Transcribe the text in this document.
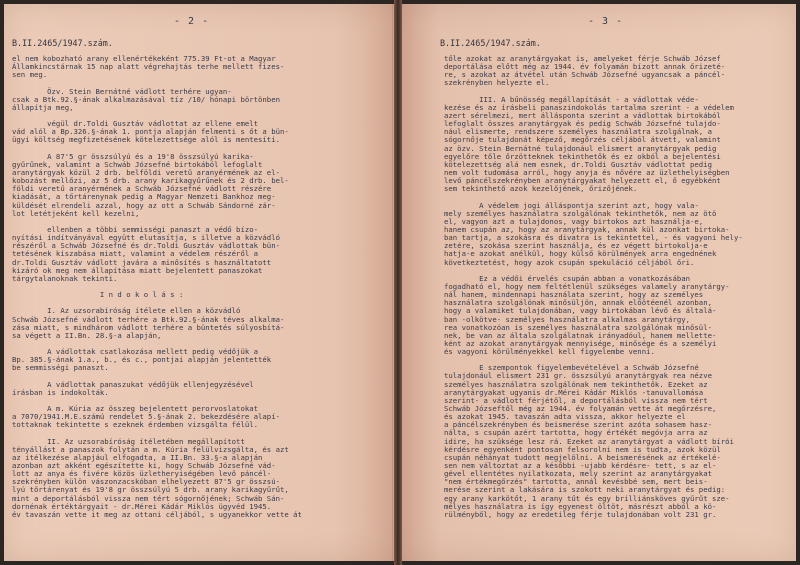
- 2 -
B.II.2465/1947.szám.
el nem kobozható arany ellenértékeként 775.39 Ft-ot a Magyar
Államkincstárnak 15 nap alatt végrehajtás terhe mellett fizes-
sen meg.
Özv. Stein Bernátné vádlott terhére ugyan-
csak a Btk.92.§-ának alkalmazásával tíz /10/ hónapi börtönben
állapítja meg,
végül dr.Toldi Gusztáv vádlottat az ellene emelt
vád alól a Bp.326.§-ának 1. pontja alapján felmenti s őt a bün-
ügyi költség megfizetésének kötelezettsége alól is mentesíti.
A 87'5 gr összsúlyú és a 19'8 összsúlyú karika-
gyűrűnek, valamint a Schwáb Józsefné birtokából lefoglalt
aranytárgyak közül 2 drb. belföldi veretű aranyérmének az el-
kobozást mellőzi, az 5 drb. arany karikagyűrűnek és 2 drb. bel-
földi veretű aranyérmének a Schwáb Józsefné vádlott részére
kiadását, a tőrtárenynak pedig a Magyar Nemzeti Bankhoz meg-
küldését elrendeli azzal, hogy az ott a Schwáb Sándorné zár-
lot letétjeként kell kezelni,
ellenben a többi semmisségi panaszt a védő bízo-
nyítási indítványával együtt elutasítja, s illetve a közvádló
részéről a Schwáb Józsefné és dr.Toldi Gusztáv vádlottak bün-
tetésének kiszabása miatt, valamint a védelem részéről a
dr.Toldi Gusztáv vádlott javára a minősítés s használtatott
kizáró ok meg nem állapítása miatt bejelentett panaszokat
tárgytalanoknak tekinti.
I n d o k o l á s :
I. Az uzsorabíróság ítélete ellen a közvádló
Schwáb Józsefné vádlott terhére a Btk.92.§-ának téves alkalma-
zása miatt, s mindhárom vádlott terhére a büntetés súlyosbítá-
sa végett a II.Bn. 28.§-a alapján,
A vádlottak csatlakozása mellett pedig védőjük a
Bp. 385.§-ának 1.a., b., és c., pontjai alapján jelentették
be semmisségi panaszt.
A vádlottak panaszukat védőjük ellenjegyzésével
írásban is indokolták.
A m. Kúria az összeg bejelentett perorvoslatokat
a 7070/1941.M.E.számú rendelet 5.§-ának 2. bekezdésére alapí-
tottaknak tekintette s ezeknek érdemben vizsgálta félül.
II. Az uzsorabíróság ítéletében megállapított
tényállást a panaszok folytán a m. Kúria felülvizsgálta, és azt
az itélkezése alapjául elfogadta, a II.Bn. 33.§-a alapján
azonban azt akként egészítette ki, hogy Schwáb Józsefné vád-
lott az anya és fivére közös üzletheryiségében levő páncél-
szekrényben külön vászonzacskóban elhelyezett 87'5 gr összsú-
lyú tőrtárenyat és 19'8 gr összsúlyú 5 drb. arany karikagyűrűt,
mint a deportálásból vissza nem tért sógornőjének; Schwáb Sán-
dornénak értéktárgyait - dr.Mérei Kádár Miklós ügyvéd 1945.
év tavaszán vette it meg az ottani céljából, s ugyanekkor vette át
- 3 -
B.II.2465/1947.szám.
tőle azokat az aranytárgyakat is, amelyeket férje Schwáb József
deportálása előtt még az 1944. év folyamán bízott annak őrizeté-
re, s azokat az átvétel után Schwáb Józsefné ugyancsak a páncél-
szekrényben helyezte el.
III. A bűnösség megállapítását - a vádlottak véde-
kezése és az írásbeli panaszindokolás tartalma szerint - a védelem
azert sérelmezi, mert állásponta szerint a vádlottak birtokából
lefoglalt összes aranytárgyak és pedig Schwáb Józsefné tulajdo-
nául elismerte, rendszere személyes használatra szolgálnak, a
sógornője tulajdonát képező, megőrzés céljából átvett, valamint
az özv. Stein Bernátné tulajdonául elismert aranytárgyak pedig
egyelőre tőle őrzötteknek tekinthetők és ez okból a bejelentési
kötelezettség alá nem esnek, dr.Toldi Gusztáv vádlottat pedig
nem volt tudomása arról, hogy anyja és nővére az üzlethelyiségben
levő páncélszekrényben aranytárgyakat helyezett el, ő egyébként
sem tekinthető azok kezelőjének, őrizőjének.
A védelem jogi álláspontja szerint azt, hogy vala-
mely személyes használatra szolgálónak tekinthetők, nem az ötö
el, vagyon azt a tulajdonos, vagy birtokos azt használja-e,
hanem csupán az, hogy az aranytárgyak, annak kül azonkat birtoka-
ban tartja, a szokásra és divatra is tekintettel, - és vagyoni hely-
zetére, szokása szerint használja, és ez végett birtokolja-e
hatja-e azokat anélkül, hogy külső körülmények arra engednének
következtetést, hogy azok csupán spekuláció céljából őri.
Ez a védői érvelés csupán abban a vonatkozásában
fogadható el, hogy nem feltétlenül szükséges valamely aranytárgy-
nál hanem, mindennapi használata szerint, hogy az személyes
használatra szolgálónak minősüljön, annak előötéenél azonban,
hogy a valamiket tulajdonában, vagy birtokában lévő és általá-
ban -olkötve- személyes használatra alkalmas aranytárgy,
rea vonatkozóan is személyes használatra szolgálónak minősül-
nek, be van az általa szolgálatnak irányadóul, hanem mellette-
ként az azokat aranytárgyak mennyisége, minősége és a személyi
és vagyoni körülményekkel kell figyelembe venni.
E szempontok figyelembevételével a Schwáb Józsefné
tulajdonául elismert 231 gr. összsúlyú aranytárgyak rea nézve
személyes használatra szolgálónak nem tekinthetők. Ezeket az
aranytárgyakat ugyanis dr.Mérei Kádár Miklós -tanuvallomása
szerint- a vádlott férjétől, a deportálásból vissza nem tért
Schwáb Józseftől még az 1944. év folyamán vette át megőrzésre,
és azokat 1945. tavaszán adta vissza, akkor helyezte el
a páncélszekrényben és beismerése szerint azóta sohasem hasz-
nálta, s csupán azért tartotta, hogy értékét megóvja arra az
idire, ha szüksége lesz rá. Ezeket az aranytárgyat a vádlott bírói
kérdésre egyenként pontosan felsorolni nem is tudta, azok közül
csupán néhányat tudott megjelölni. A beismerésének az értékelé-
sen nem változtat az a későbbi -ujabb kérdésre- tett, s az el-
gével ellentétes nyilatkozata, mely szerint az aranytárgyakat
"nem értékmegőrzés" tartotta, annál kevésbbé sem, mert beis-
merése szerint a lakására is szokott neki aranytárgyat és pedig:
egy arany karkötőt, 1 arany tűt és egy brilliánsköves gyűrűt sze-
mélyes használatra is így egyenest öltöt, másrészt abból a kö-
rülményből, hogy az eredetileg férje tulajdonában volt 231 gr.
